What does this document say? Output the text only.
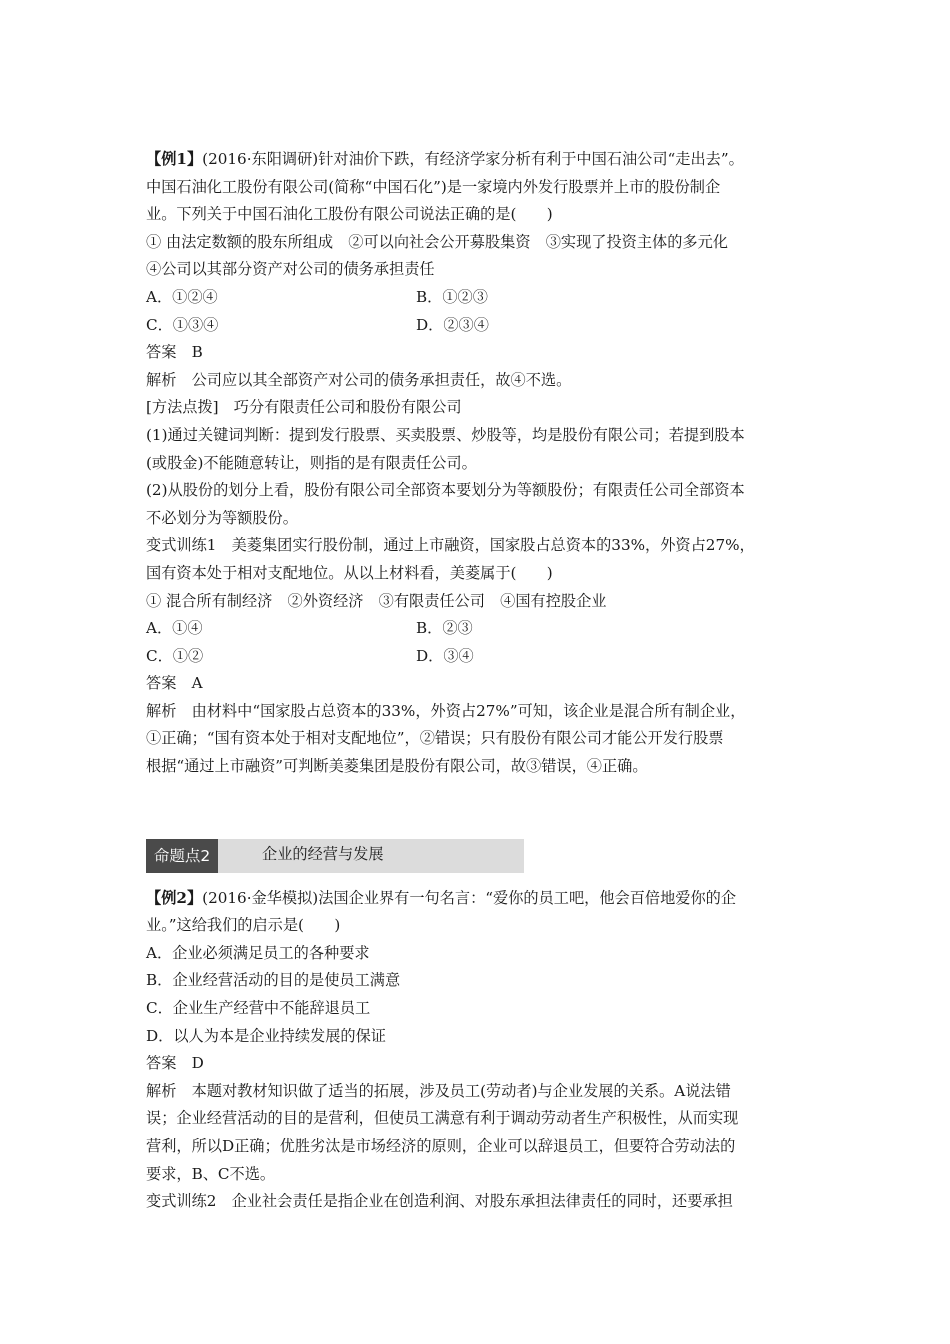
【例1】(2016·东阳调研)针对油价下跌，有经济学家分析有利于中国石油公司“走出去”。
中国石油化工股份有限公司(简称“中国石化”)是一家境内外发行股票并上市的股份制企
业。下列关于中国石油化工股份有限公司说法正确的是(　　)
① 由法定数额的股东所组成　②可以向社会公开募股集资　③实现了投资主体的多元化
④公司以其部分资产对公司的债务承担责任
A．①②④	B．①②③
C．①③④	D．②③④
答案　B
解析　公司应以其全部资产对公司的债务承担责任，故④不选。
[方法点拨]　巧分有限责任公司和股份有限公司
(1)通过关键词判断：提到发行股票、买卖股票、炒股等，均是股份有限公司；若提到股本
(或股金)不能随意转让，则指的是有限责任公司。
(2)从股份的划分上看，股份有限公司全部资本要划分为等额股份；有限责任公司全部资本
不必划分为等额股份。
变式训练1　美菱集团实行股份制，通过上市融资，国家股占总资本的33%，外资占27%，
国有资本处于相对支配地位。从以上材料看，美菱属于(　　)
① 混合所有制经济　②外资经济　③有限责任公司　④国有控股企业
A．①④	B．②③
C．①②	D．③④
答案　A
解析　由材料中“国家股占总资本的33%，外资占27%”可知，该企业是混合所有制企业，
①正确；“国有资本处于相对支配地位”，②错误；只有股份有限公司才能公开发行股票
根据“通过上市融资”可判断美菱集团是股份有限公司，故③错误，④正确。
命题点2	企业的经营与发展
【例2】(2016·金华模拟)法国企业界有一句名言：“爱你的员工吧，他会百倍地爱你的企
业。”这给我们的启示是(　　)
A．企业必须满足员工的各种要求
B．企业经营活动的目的是使员工满意
C．企业生产经营中不能辞退员工
D．以人为本是企业持续发展的保证
答案　D
解析　本题对教材知识做了适当的拓展，涉及员工(劳动者)与企业发展的关系。A说法错
误；企业经营活动的目的是营利，但使员工满意有利于调动劳动者生产积极性，从而实现
营利，所以D正确；优胜劣汰是市场经济的原则，企业可以辞退员工，但要符合劳动法的
要求，B、C不选。
变式训练2　企业社会责任是指企业在创造利润、对股东承担法律责任的同时，还要承担
